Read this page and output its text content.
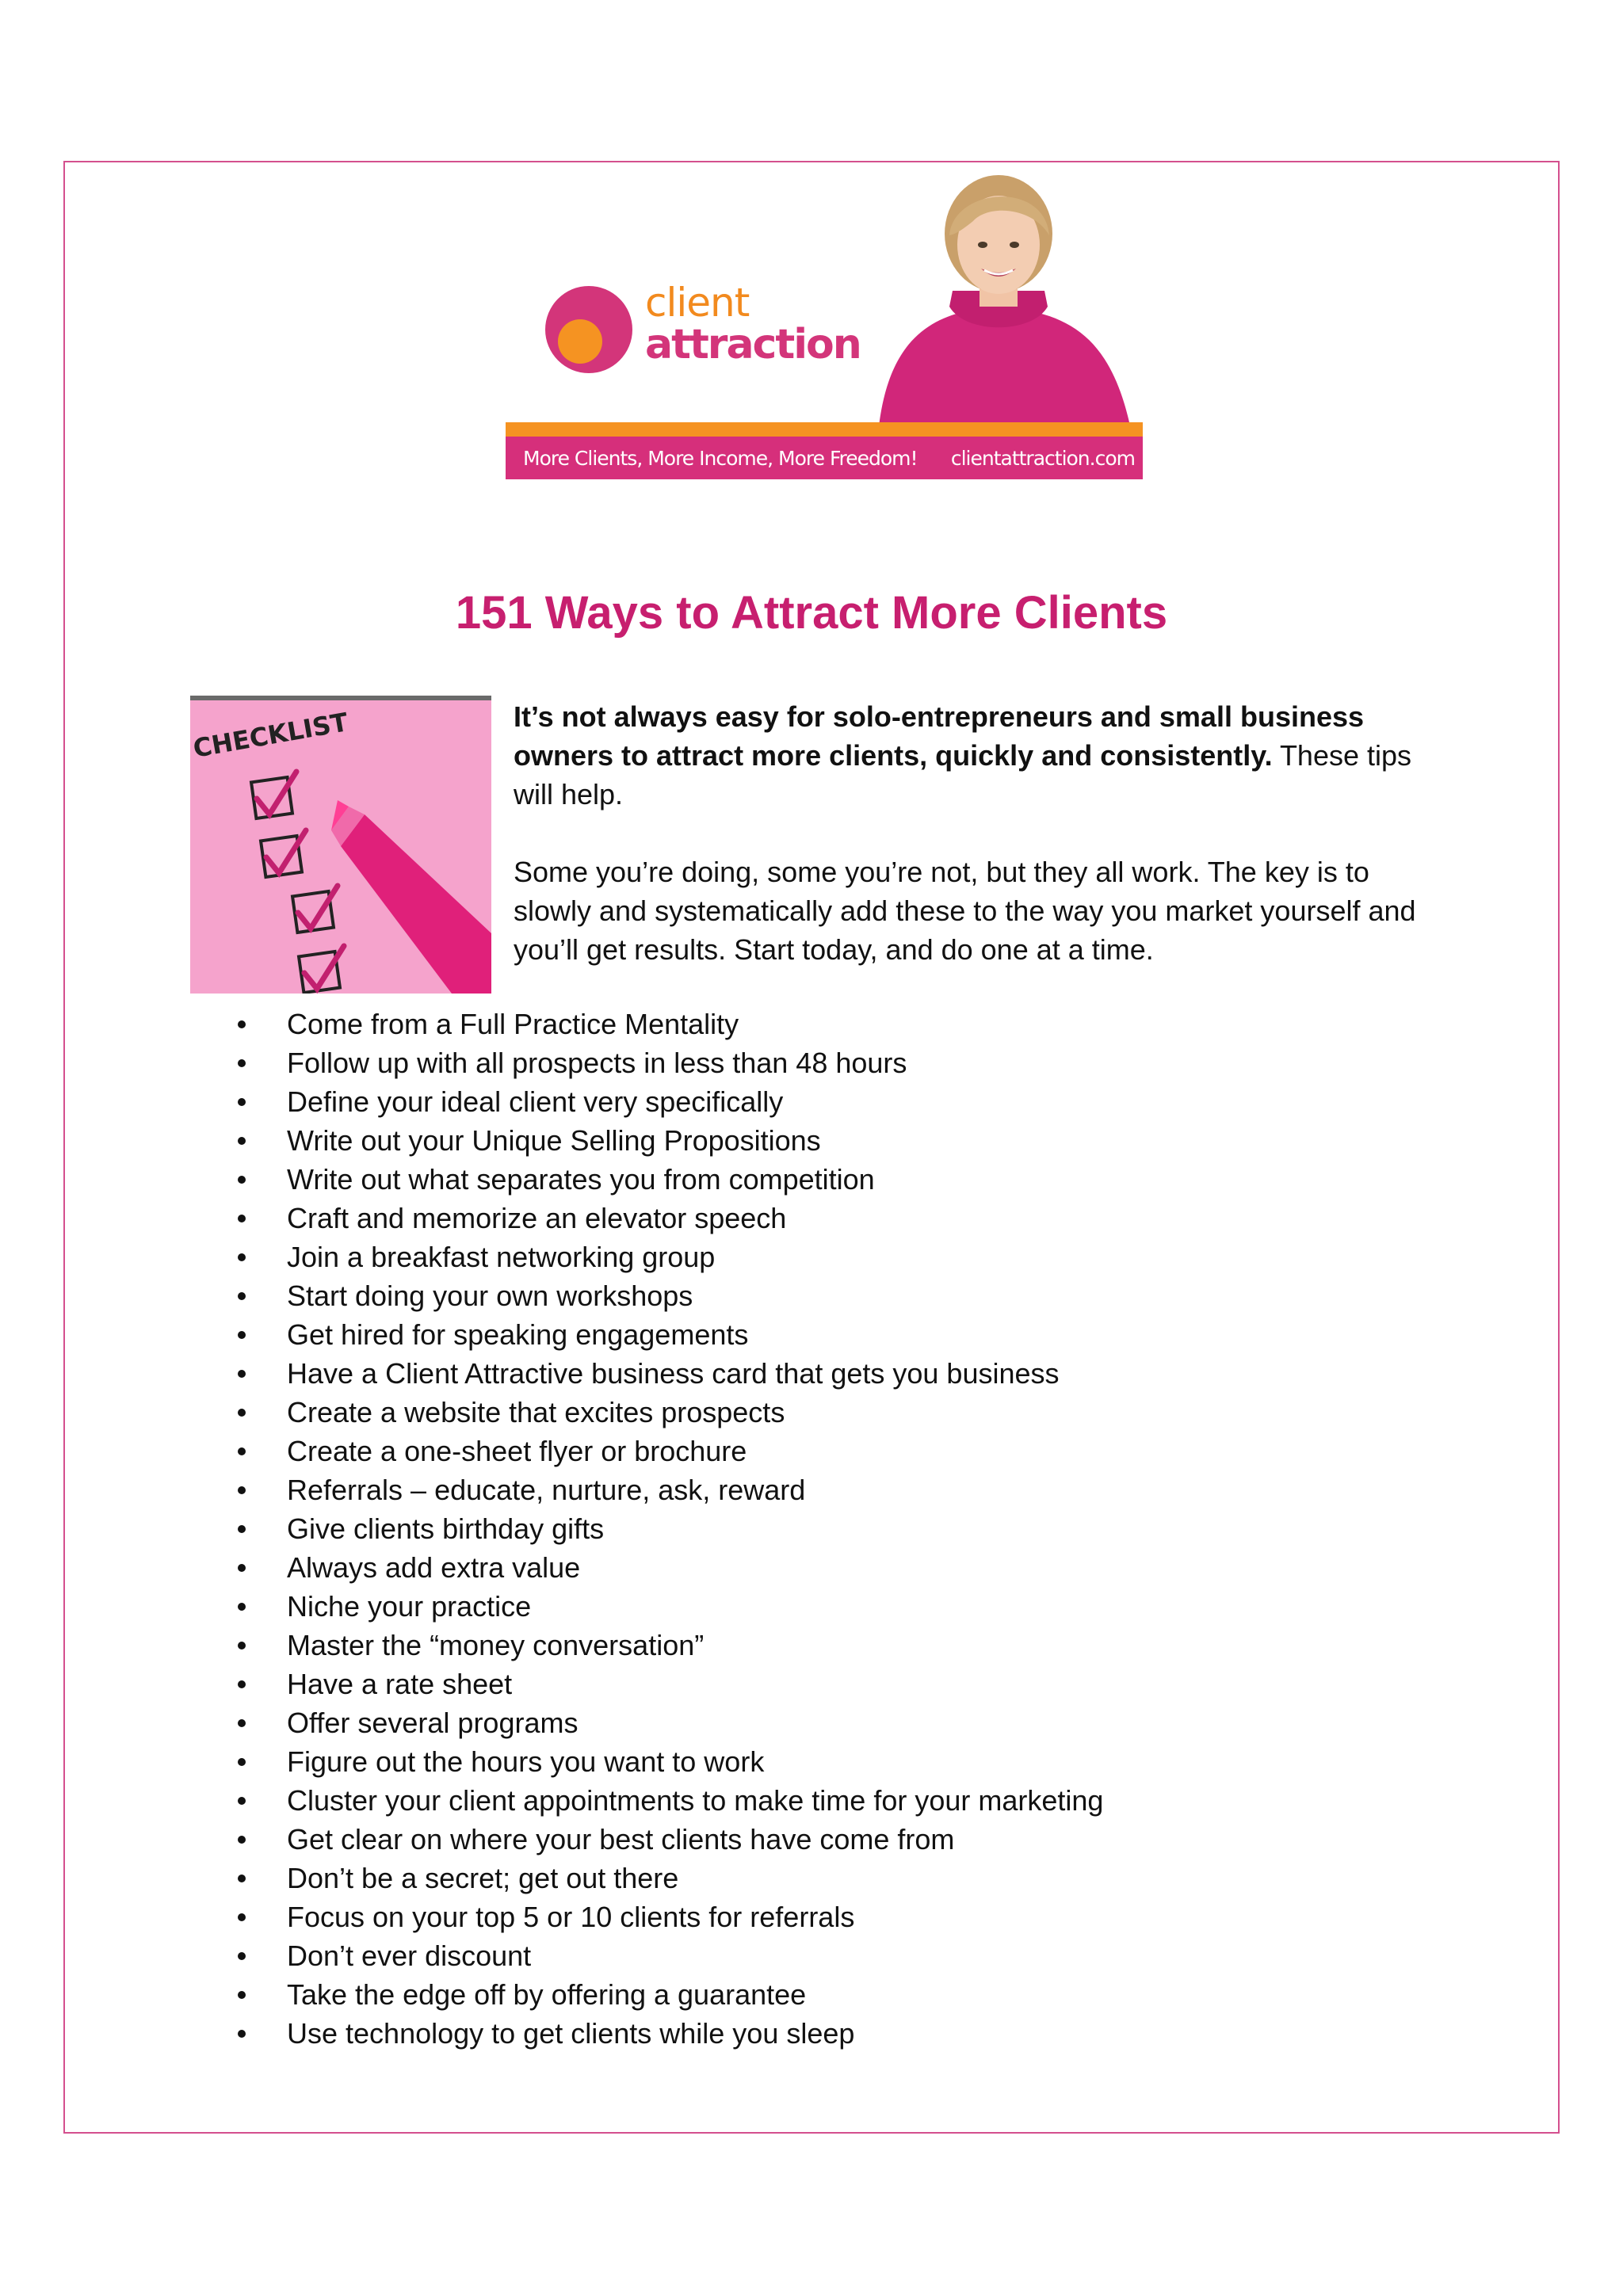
client
attraction
More Clients, More Income, More Freedom! clientattraction.com
151 Ways to Attract More Clients
CHECKLIST	It’s not always easy for solo-entrepreneurs and small business owners to attract more clients, quickly and consistently. These tips will help.

Some you’re doing, some you’re not, but they all work. The key is to slowly and systematically add these to the way you market yourself and you’ll get results. Start today, and do one at a time.

Come from a Full Practice Mentality
Follow up with all prospects in less than 48 hours
Define your ideal client very specifically
Write out your Unique Selling Propositions
Write out what separates you from competition
Craft and memorize an elevator speech
Join a breakfast networking group
Start doing your own workshops
Get hired for speaking engagements
Have a Client Attractive business card that gets you business
Create a website that excites prospects
Create a one-sheet flyer or brochure
Referrals – educate, nurture, ask, reward
Give clients birthday gifts
Always add extra value
Niche your practice
Master the “money conversation”
Have a rate sheet
Offer several programs
Figure out the hours you want to work
Cluster your client appointments to make time for your marketing
Get clear on where your best clients have come from
Don’t be a secret; get out there
Focus on your top 5 or 10 clients for referrals
Don’t ever discount
Take the edge off by offering a guarantee
Use technology to get clients while you sleep
